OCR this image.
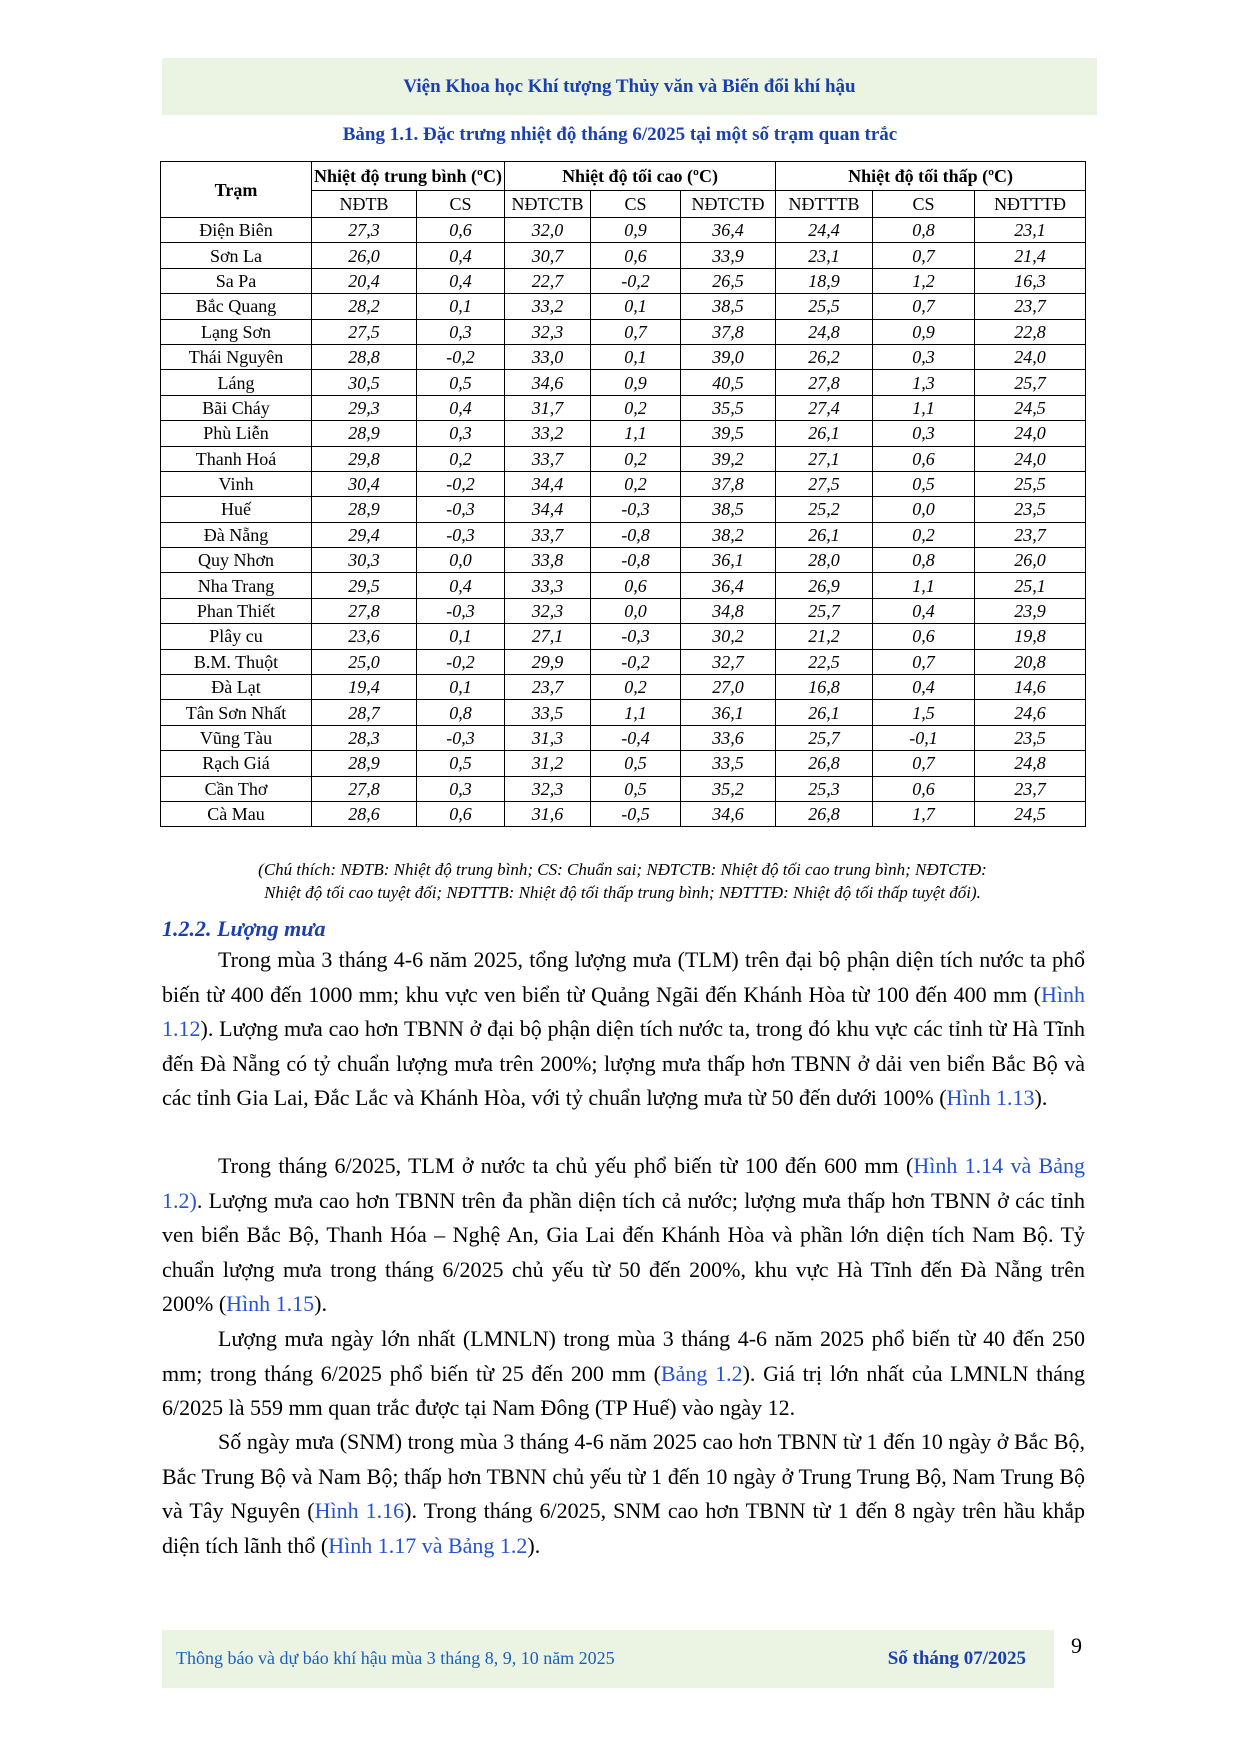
Viện Khoa học Khí tượng Thủy văn và Biến đổi khí hậu
Bảng 1.1. Đặc trưng nhiệt độ tháng 6/2025 tại một số trạm quan trắc
Trạm	Nhiệt độ trung bình (ºC)		Nhiệt độ tối cao (ºC)			Nhiệt độ tối thấp (ºC)		
	NĐTB	CS	NĐTCTB	CS	NĐTCTĐ	NĐTTTB	CS	NĐTTTĐ
Điện Biên	27,3	0,6	32,0	0,9	36,4	24,4	0,8	23,1
Sơn La	26,0	0,4	30,7	0,6	33,9	23,1	0,7	21,4
Sa Pa	20,4	0,4	22,7	-0,2	26,5	18,9	1,2	16,3
Bắc Quang	28,2	0,1	33,2	0,1	38,5	25,5	0,7	23,7
Lạng Sơn	27,5	0,3	32,3	0,7	37,8	24,8	0,9	22,8
Thái Nguyên	28,8	-0,2	33,0	0,1	39,0	26,2	0,3	24,0
Láng	30,5	0,5	34,6	0,9	40,5	27,8	1,3	25,7
Bãi Cháy	29,3	0,4	31,7	0,2	35,5	27,4	1,1	24,5
Phù Liễn	28,9	0,3	33,2	1,1	39,5	26,1	0,3	24,0
Thanh Hoá	29,8	0,2	33,7	0,2	39,2	27,1	0,6	24,0
Vinh	30,4	-0,2	34,4	0,2	37,8	27,5	0,5	25,5
Huế	28,9	-0,3	34,4	-0,3	38,5	25,2	0,0	23,5
Đà Nẵng	29,4	-0,3	33,7	-0,8	38,2	26,1	0,2	23,7
Quy Nhơn	30,3	0,0	33,8	-0,8	36,1	28,0	0,8	26,0
Nha Trang	29,5	0,4	33,3	0,6	36,4	26,9	1,1	25,1
Phan Thiết	27,8	-0,3	32,3	0,0	34,8	25,7	0,4	23,9
Plây cu	23,6	0,1	27,1	-0,3	30,2	21,2	0,6	19,8
B.M. Thuột	25,0	-0,2	29,9	-0,2	32,7	22,5	0,7	20,8
Đà Lạt	19,4	0,1	23,7	0,2	27,0	16,8	0,4	14,6
Tân Sơn Nhất	28,7	0,8	33,5	1,1	36,1	26,1	1,5	24,6
Vũng Tàu	28,3	-0,3	31,3	-0,4	33,6	25,7	-0,1	23,5
Rạch Giá	28,9	0,5	31,2	0,5	33,5	26,8	0,7	24,8
Cần Thơ	27,8	0,3	32,3	0,5	35,2	25,3	0,6	23,7
Cà Mau	28,6	0,6	31,6	-0,5	34,6	26,8	1,7	24,5
(Chú thích: NĐTB: Nhiệt độ trung bình; CS: Chuẩn sai; NĐTCTB: Nhiệt độ tối cao trung bình; NĐTCTĐ:
Nhiệt độ tối cao tuyệt đối; NĐTTTB: Nhiệt độ tối thấp trung bình; NĐTTTĐ: Nhiệt độ tối thấp tuyệt đối).
1.2.2. Lượng mưa
Trong mùa 3 tháng 4-6 năm 2025, tổng lượng mưa (TLM) trên đại bộ phận diện tích nước ta phổ biến từ 400 đến 1000 mm; khu vực ven biển từ Quảng Ngãi đến Khánh Hòa từ 100 đến 400 mm (Hình 1.12). Lượng mưa cao hơn TBNN ở đại bộ phận diện tích nước ta, trong đó khu vực các tỉnh từ Hà Tĩnh đến Đà Nẵng có tỷ chuẩn lượng mưa trên 200%; lượng mưa thấp hơn TBNN ở dải ven biển Bắc Bộ và các tỉnh Gia Lai, Đắc Lắc và Khánh Hòa, với tỷ chuẩn lượng mưa từ 50 đến dưới 100% (Hình 1.13).
Trong tháng 6/2025, TLM ở nước ta chủ yếu phổ biến từ 100 đến 600 mm (Hình 1.14 và Bảng 1.2). Lượng mưa cao hơn TBNN trên đa phần diện tích cả nước; lượng mưa thấp hơn TBNN ở các tỉnh ven biển Bắc Bộ, Thanh Hóa – Nghệ An, Gia Lai đến Khánh Hòa và phần lớn diện tích Nam Bộ. Tỷ chuẩn lượng mưa trong tháng 6/2025 chủ yếu từ 50 đến 200%, khu vực Hà Tĩnh đến Đà Nẵng trên 200% (Hình 1.15).
Lượng mưa ngày lớn nhất (LMNLN) trong mùa 3 tháng 4-6 năm 2025 phổ biến từ 40 đến 250 mm; trong tháng 6/2025 phổ biến từ 25 đến 200 mm (Bảng 1.2). Giá trị lớn nhất của LMNLN tháng 6/2025 là 559 mm quan trắc được tại Nam Đông (TP Huế) vào ngày 12.
Số ngày mưa (SNM) trong mùa 3 tháng 4-6 năm 2025 cao hơn TBNN từ 1 đến 10 ngày ở Bắc Bộ, Bắc Trung Bộ và Nam Bộ; thấp hơn TBNN chủ yếu từ 1 đến 10 ngày ở Trung Trung Bộ, Nam Trung Bộ và Tây Nguyên (Hình 1.16). Trong tháng 6/2025, SNM cao hơn TBNN từ 1 đến 8 ngày trên hầu khắp diện tích lãnh thổ (Hình 1.17 và Bảng 1.2).
Thông báo và dự báo khí hậu mùa 3 tháng 8, 9, 10 năm 2025	Số tháng 07/2025
9
